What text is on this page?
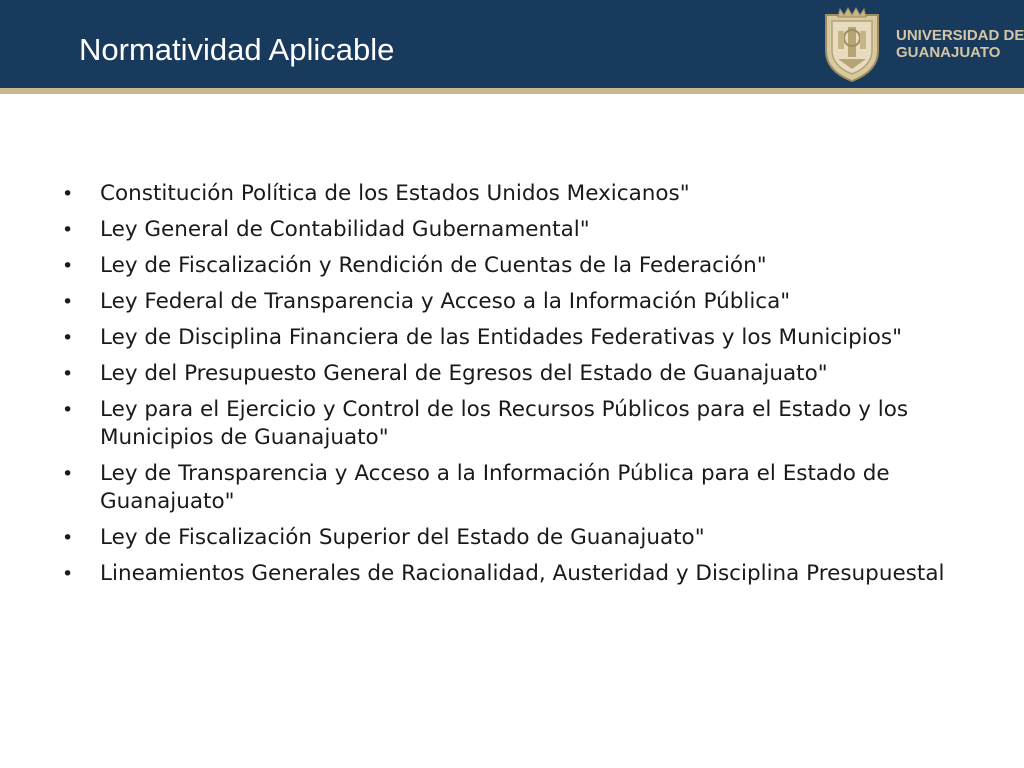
Normatividad Aplicable	UNIVERSIDAD DE
GUANAJUATO
•	Constitución Política de los Estados Unidos Mexicanos"
•	Ley General de Contabilidad Gubernamental"
•	Ley de Fiscalización y Rendición de Cuentas de la Federación"
•	Ley Federal de Transparencia y Acceso a la Información Pública"
•	Ley de Disciplina Financiera de las Entidades Federativas y los Municipios"
•	Ley del Presupuesto General de Egresos del Estado de Guanajuato"
•	Ley para el Ejercicio y Control de los Recursos Públicos para el Estado y los Municipios de Guanajuato"
•	Ley de Transparencia y Acceso a la Información Pública para el Estado de Guanajuato"
•	Ley de Fiscalización Superior del Estado de Guanajuato"
•	Lineamientos Generales de Racionalidad, Austeridad y Disciplina Presupuestal
